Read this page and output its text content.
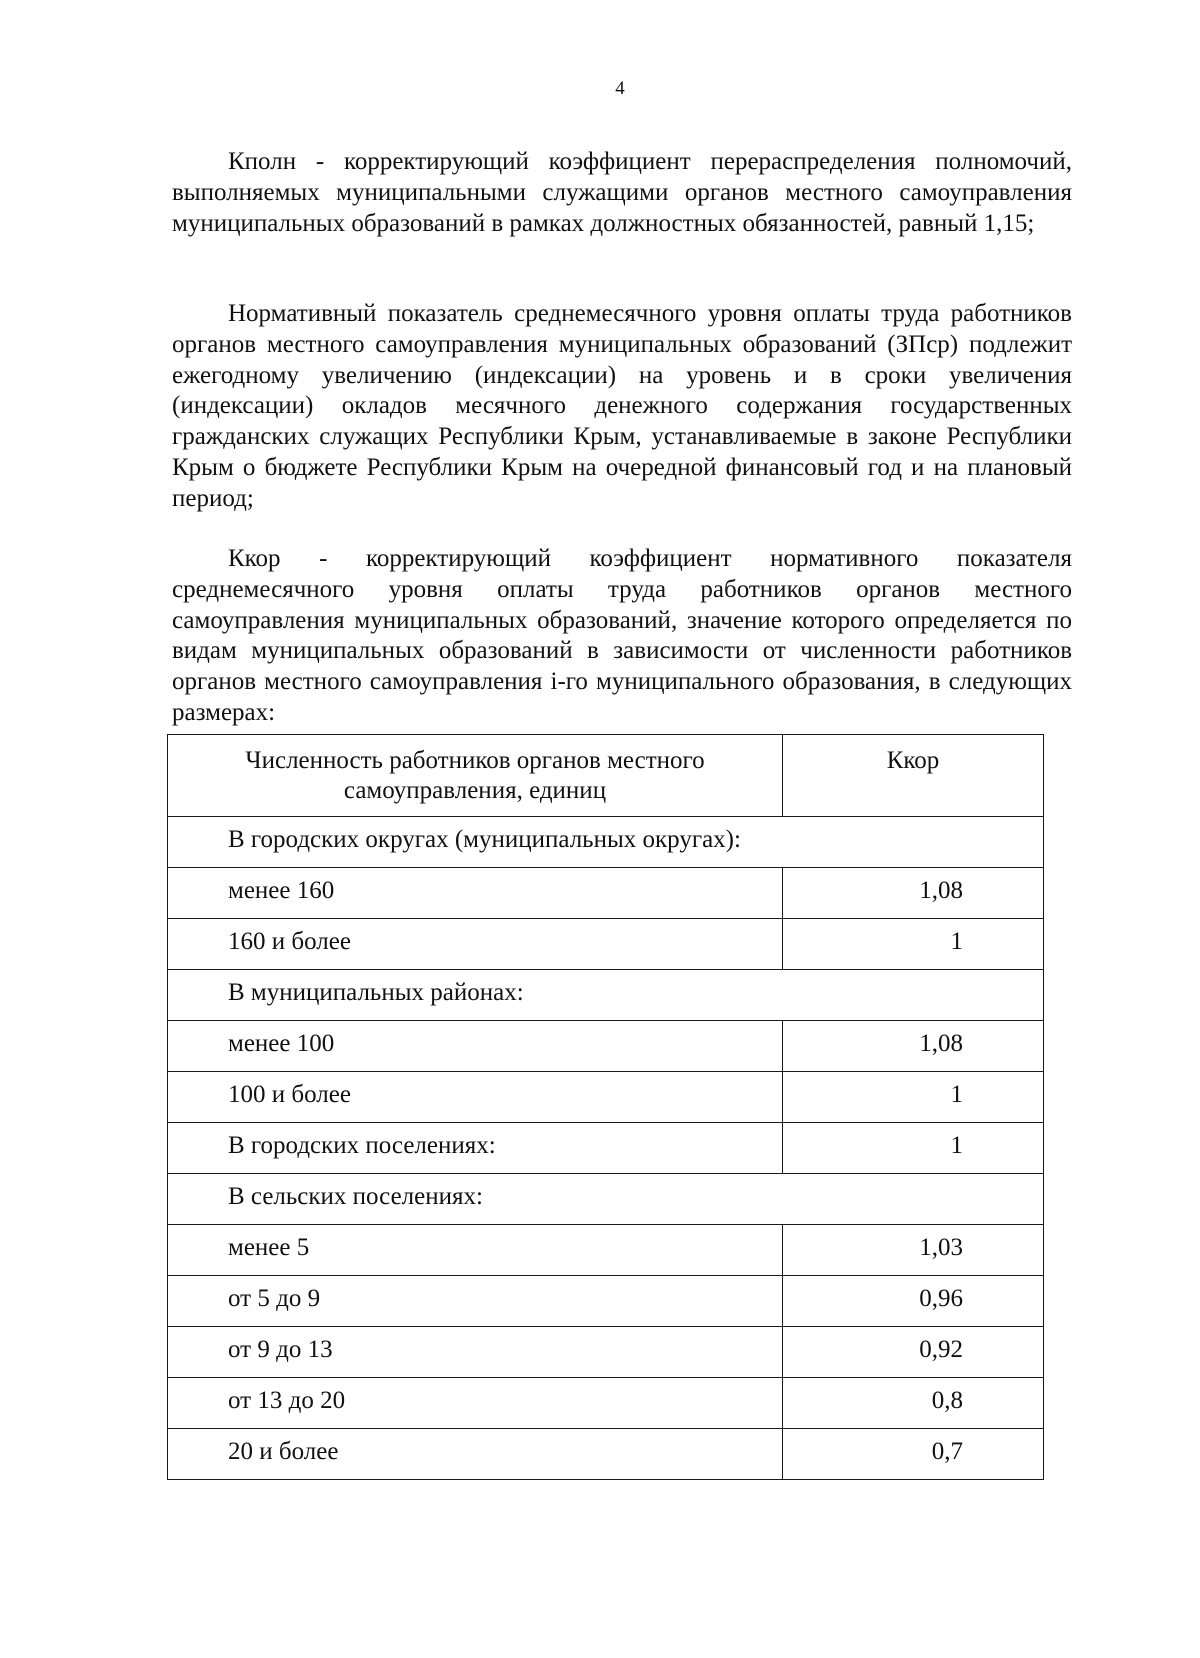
4

Кполн - корректирующий коэффициент перераспределения полномочий, выполняемых муниципальными служащими органов местного самоуправления муниципальных образований в рамках должностных обязанностей, равный 1,15;

Нормативный показатель среднемесячного уровня оплаты труда работников органов местного самоуправления муниципальных образований (ЗПср) подлежит ежегодному увеличению (индексации) на уровень и в сроки увеличения (индексации) окладов месячного денежного содержания государственных гражданских служащих Республики Крым, устанавливаемые в законе Республики Крым о бюджете Республики Крым на очередной финансовый год и на плановый период;

Ккор - корректирующий коэффициент нормативного показателя среднемесячного уровня оплаты труда работников органов местного самоуправления муниципальных образований, значение которого определяется по видам муниципальных образований в зависимости от численности работников органов местного самоуправления i-го муниципального образования, в следующих размерах:

Численность работников органов местного самоуправления, единиц	Ккор
В городских округах (муниципальных округах):	
менее 160	1,08
160 и более	1
В муниципальных районах:	
менее 100	1,08
100 и более	1
В городских поселениях:	1
В сельских поселениях:	
менее 5	1,03
от 5 до 9	0,96
от 9 до 13	0,92
от 13 до 20	0,8
20 и более	0,7
